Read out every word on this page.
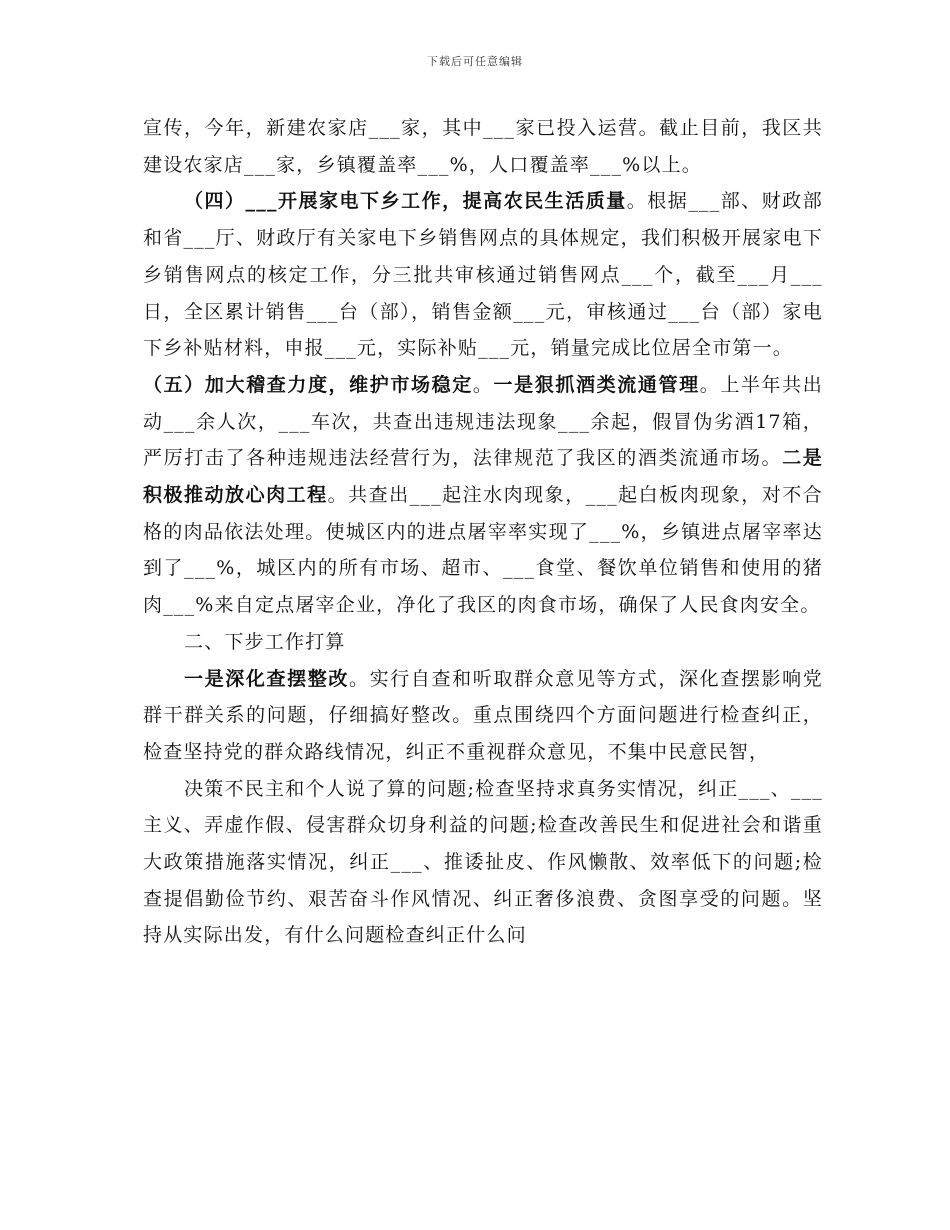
下载后可任意编辑

宣传，今年，新建农家店___家，其中___家已投入运营。截止目前，我区共建设农家店___家，乡镇覆盖率___%，人口覆盖率___%以上。

（四）___开展家电下乡工作，提高农民生活质量。根据___部、财政部和省___厅、财政厅有关家电下乡销售网点的具体规定，我们积极开展家电下乡销售网点的核定工作，分三批共审核通过销售网点___个，截至___月___日，全区累计销售___台（部），销售金额___元，审核通过___台（部）家电下乡补贴材料，申报___元，实际补贴___元，销量完成比位居全市第一。

（五）加大稽查力度，维护市场稳定。一是狠抓酒类流通管理。上半年共出动___余人次，___车次，共查出违规违法现象___余起，假冒伪劣酒17箱，严厉打击了各种违规违法经营行为，法律规范了我区的酒类流通市场。二是积极推动放心肉工程。共查出___起注水肉现象，___起白板肉现象，对不合格的肉品依法处理。使城区内的进点屠宰率实现了___%，乡镇进点屠宰率达到了___%，城区内的所有市场、超市、___食堂、餐饮单位销售和使用的猪肉___%来自定点屠宰企业，净化了我区的肉食市场，确保了人民食肉安全。

二、下步工作打算

一是深化查摆整改。实行自查和听取群众意见等方式，深化查摆影响党群干群关系的问题，仔细搞好整改。重点围绕四个方面问题进行检查纠正，检查坚持党的群众路线情况，纠正不重视群众意见，不集中民意民智，

决策不民主和个人说了算的问题;检查坚持求真务实情况，纠正___、___主义、弄虚作假、侵害群众切身利益的问题;检查改善民生和促进社会和谐重大政策措施落实情况，纠正___、推诿扯皮、作风懒散、效率低下的问题;检查提倡勤俭节约、艰苦奋斗作风情况、纠正奢侈浪费、贪图享受的问题。坚持从实际出发，有什么问题检查纠正什么问
